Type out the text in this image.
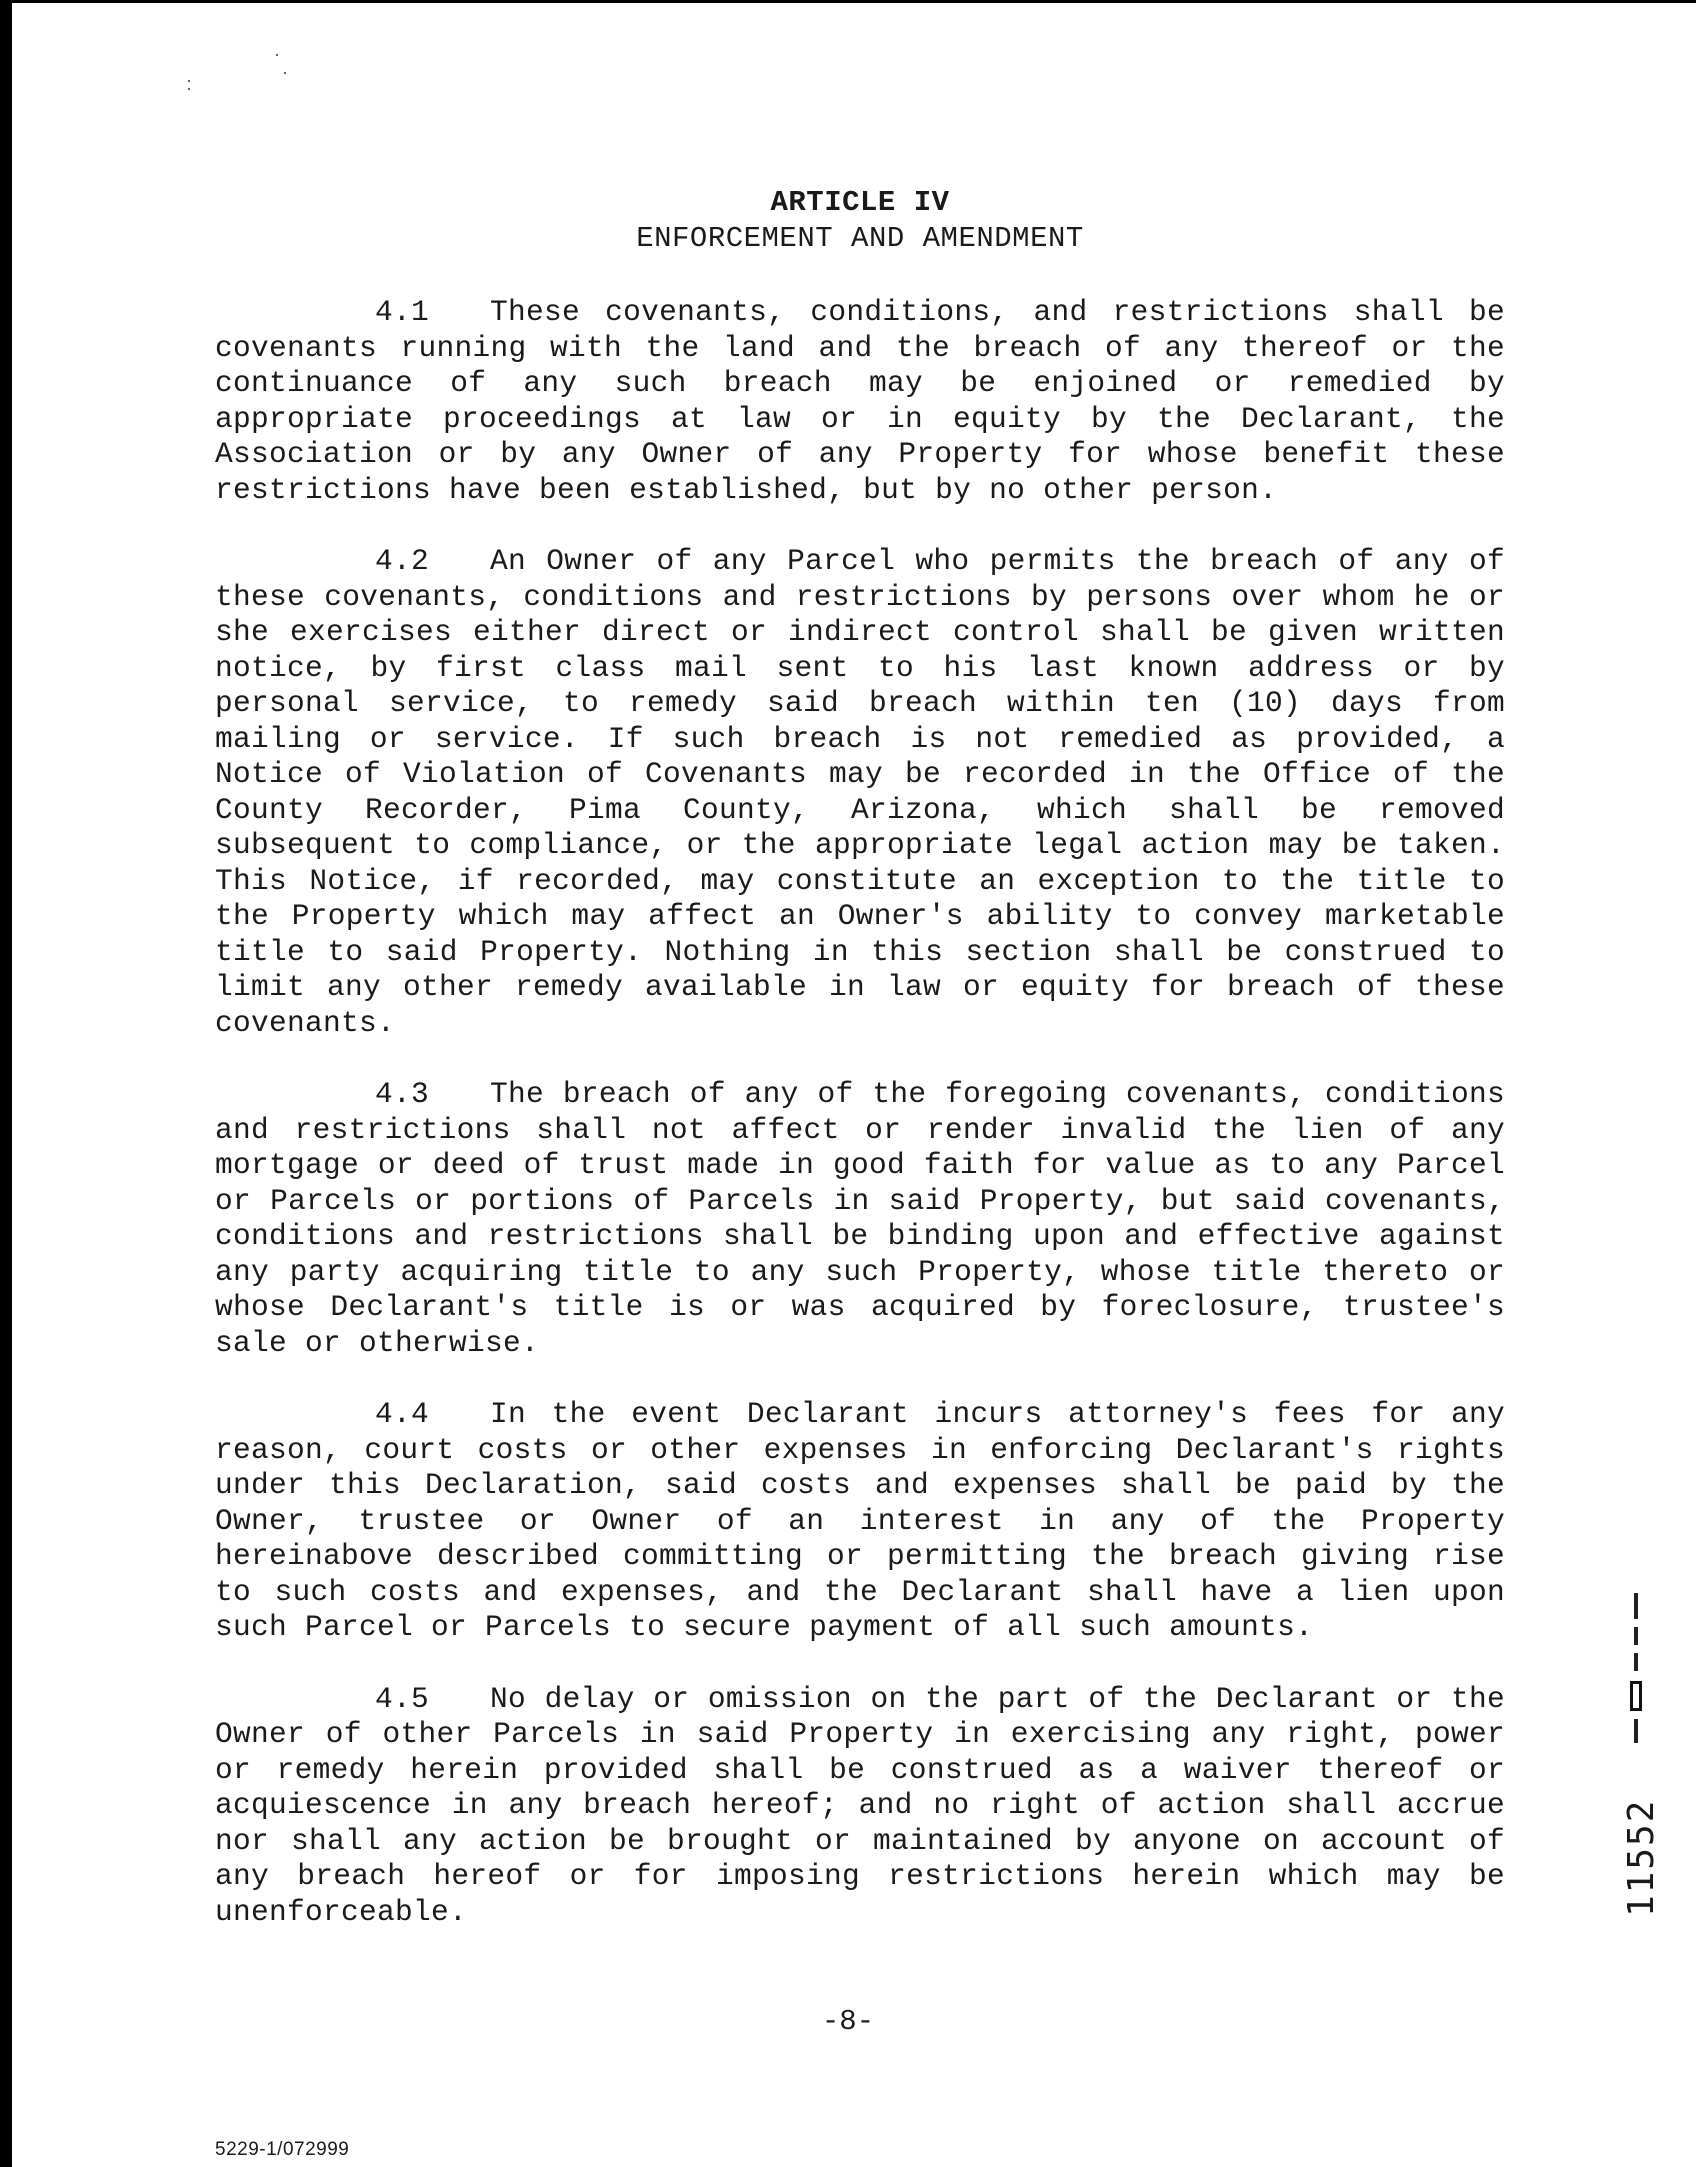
ARTICLE IV
ENFORCEMENT AND AMENDMENT

4.1 These covenants, conditions, and restrictions shall be covenants running with the land and the breach of any thereof or the continuance of any such breach may be enjoined or remedied by appropriate proceedings at law or in equity by the Declarant, the Association or by any Owner of any Property for whose benefit these restrictions have been established, but by no other person.

4.2 An Owner of any Parcel who permits the breach of any of these covenants, conditions and restrictions by persons over whom he or she exercises either direct or indirect control shall be given written notice, by first class mail sent to his last known address or by personal service, to remedy said breach within ten (10) days from mailing or service. If such breach is not remedied as provided, a Notice of Violation of Covenants may be recorded in the Office of the County Recorder, Pima County, Arizona, which shall be removed subsequent to compliance, or the appropriate legal action may be taken. This Notice, if recorded, may constitute an exception to the title to the Property which may affect an Owner's ability to convey marketable title to said Property. Nothing in this section shall be construed to limit any other remedy available in law or equity for breach of these covenants.

4.3 The breach of any of the foregoing covenants, conditions and restrictions shall not affect or render invalid the lien of any mortgage or deed of trust made in good faith for value as to any Parcel or Parcels or portions of Parcels in said Property, but said covenants, conditions and restrictions shall be binding upon and effective against any party acquiring title to any such Property, whose title thereto or whose Declarant's title is or was acquired by foreclosure, trustee's sale or otherwise.

4.4 In the event Declarant incurs attorney's fees for any reason, court costs or other expenses in enforcing Declarant's rights under this Declaration, said costs and expenses shall be paid by the Owner, trustee or Owner of an interest in any of the Property hereinabove described committing or permitting the breach giving rise to such costs and expenses, and the Declarant shall have a lien upon such Parcel or Parcels to secure payment of all such amounts.

4.5 No delay or omission on the part of the Declarant or the Owner of other Parcels in said Property in exercising any right, power or remedy herein provided shall be construed as a waiver thereof or acquiescence in any breach hereof; and no right of action shall accrue nor shall any action be brought or maintained by anyone on account of any breach hereof or for imposing restrictions herein which may be unenforceable.

-8-
5229-1/072999
11552
